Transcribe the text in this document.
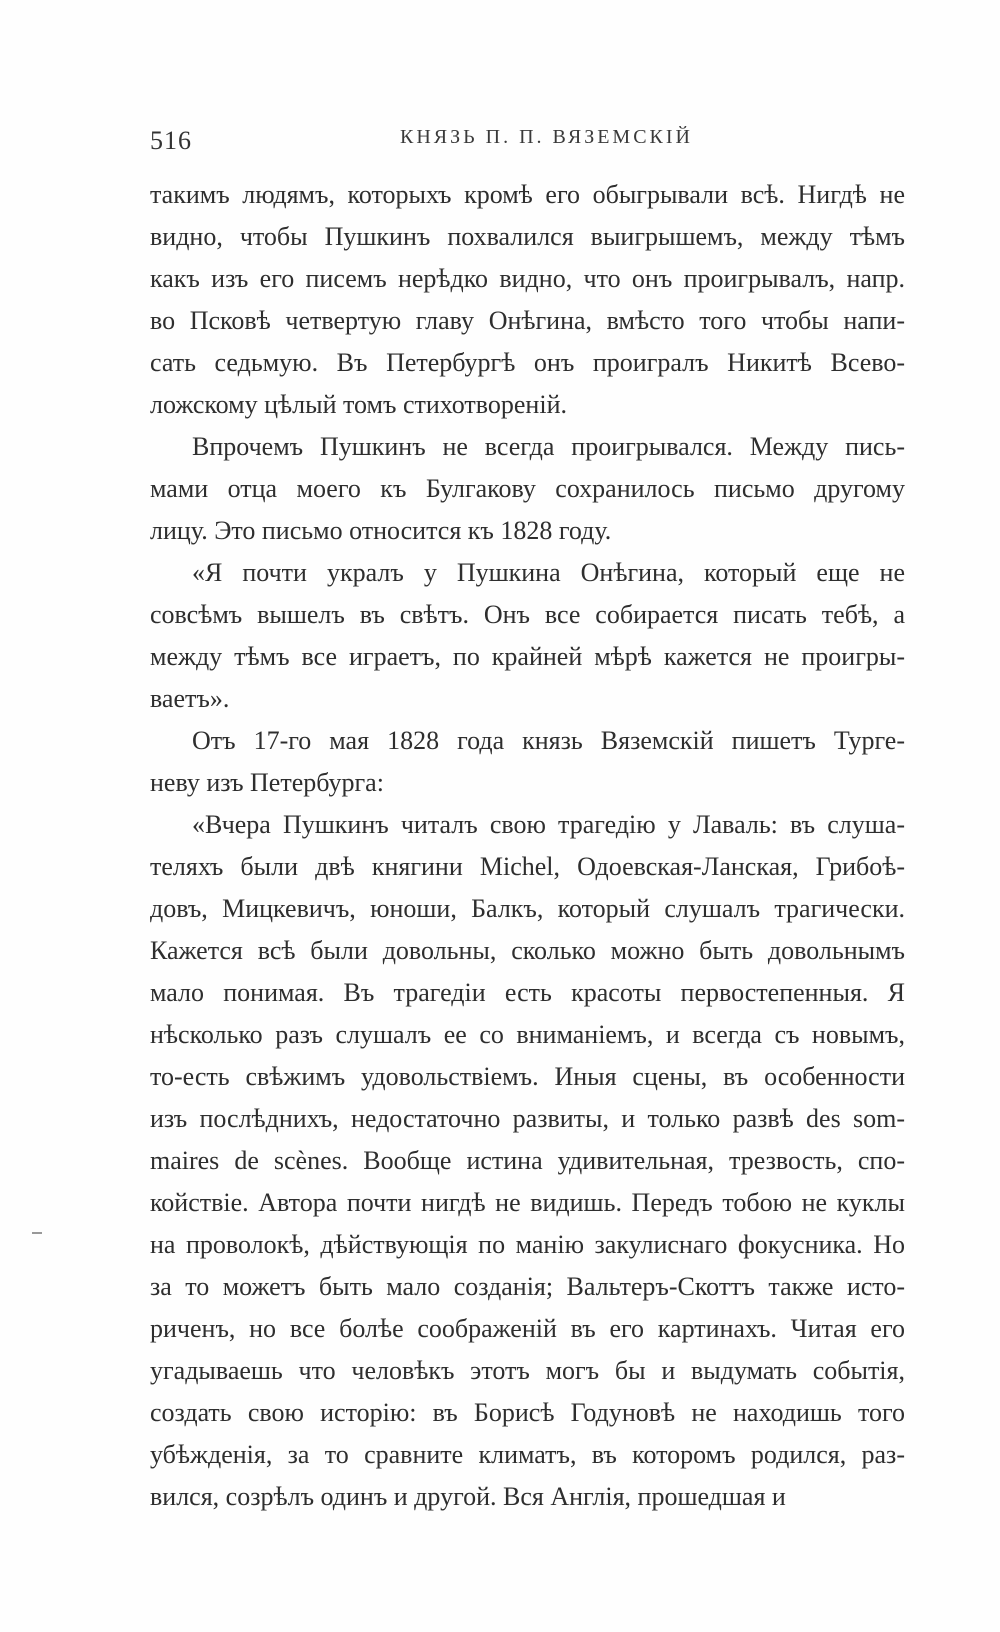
516	КНЯЗЬ П. П. ВЯЗЕМСКІЙ
такимъ людямъ, которыхъ кромѣ его обыгрывали всѣ. Нигдѣ не
видно, чтобы Пушкинъ похвалился выигрышемъ, между тѣмъ
какъ изъ его писемъ нерѣдко видно, что онъ проигрывалъ, напр.
во Псковѣ четвертую главу Онѣгина, вмѣсто того чтобы напи-
сать седьмую. Въ Петербургѣ онъ проигралъ Никитѣ Всево-
ложскому цѣлый томъ стихотвореній.
Впрочемъ Пушкинъ не всегда проигрывался. Между пись-
мами отца моего къ Булгакову сохранилось письмо другому
лицу. Это письмо относится къ 1828 году.
«Я почти укралъ у Пушкина Онѣгина, который еще не
совсѣмъ вышелъ въ свѣтъ. Онъ все собирается писать тебѣ, а
между тѣмъ все играетъ, по крайней мѣрѣ кажется не проигры-
ваетъ».
Отъ 17-го мая 1828 года князь Вяземскій пишетъ Турге-
неву изъ Петербурга:
«Вчера Пушкинъ читалъ свою трагедію у Лаваль: въ слуша-
теляхъ были двѣ княгини Michel, Одоевская-Ланская, Грибоѣ-
довъ, Мицкевичъ, юноши, Балкъ, который слушалъ трагически.
Кажется всѣ были довольны, сколько можно быть довольнымъ
мало понимая. Въ трагедіи есть красоты первостепенныя. Я
нѣсколько разъ слушалъ ее со вниманіемъ, и всегда съ новымъ,
то-есть свѣжимъ удовольствіемъ. Иныя сцены, въ особенности
изъ послѣднихъ, недостаточно развиты, и только развѣ des som-
maires de scènes. Вообще истина удивительная, трезвость, спо-
койствіе. Автора почти нигдѣ не видишь. Передъ тобою не куклы
на проволокѣ, дѣйствующія по манію закулиснаго фокусника. Но
за то можетъ быть мало созданія; Вальтеръ-Скоттъ также исто-
риченъ, но все болѣе соображеній въ его картинахъ. Читая его
угадываешь что человѣкъ этотъ могъ бы и выдумать событія,
создать свою исторію: въ Борисѣ Годуновѣ не находишь того
убѣжденія, за то сравните климатъ, въ которомъ родился, раз-
вился, созрѣлъ одинъ и другой. Вся Англія, прошедшая и
